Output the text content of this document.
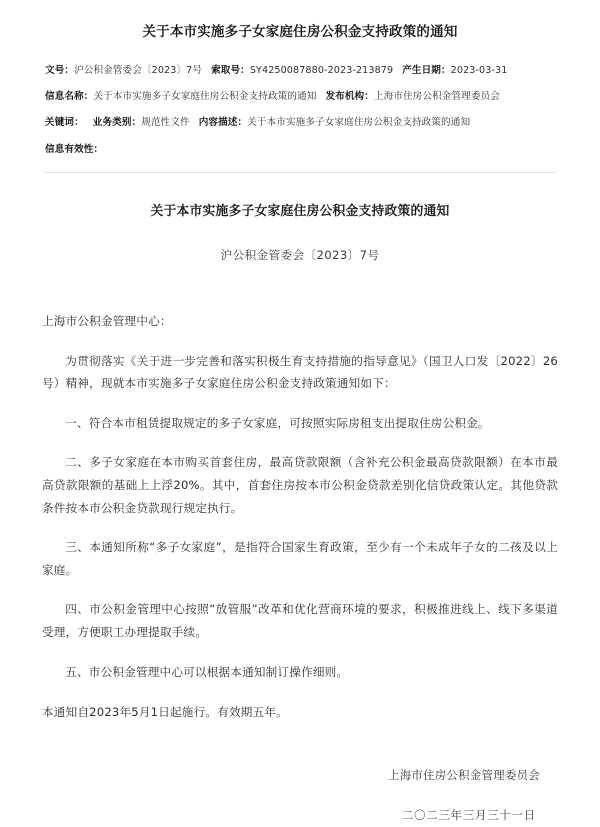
关于本市实施多子女家庭住房公积金支持政策的通知
文号：沪公积金管委会〔2023〕7号 索取号：SY4250087880-2023-213879 产生日期：2023-03-31
信息名称：关于本市实施多子女家庭住房公积金支持政策的通知 发布机构：上海市住房公积金管理委员会
关键词： 业务类别：规范性文件 内容描述：关于本市实施多子女家庭住房公积金支持政策的通知
信息有效性：
关于本市实施多子女家庭住房公积金支持政策的通知
沪公积金管委会〔2023〕7号

上海市公积金管理中心：

为贯彻落实《关于进一步完善和落实积极生育支持措施的指导意见》（国卫人口发〔2022〕26号）精神，现就本市实施多子女家庭住房公积金支持政策通知如下：

一、符合本市租赁提取规定的多子女家庭，可按照实际房租支出提取住房公积金。

二、多子女家庭在本市购买首套住房，最高贷款限额（含补充公积金最高贷款限额）在本市最高贷款限额的基础上上浮20%。其中，首套住房按本市公积金贷款差别化信贷政策认定。其他贷款条件按本市公积金贷款现行规定执行。

三、本通知所称“多子女家庭”，是指符合国家生育政策，至少有一个未成年子女的二孩及以上家庭。

四、市公积金管理中心按照“放管服”改革和优化营商环境的要求，积极推进线上、线下多渠道受理，方便职工办理提取手续。

五、市公积金管理中心可以根据本通知制订操作细则。

本通知自2023年5月1日起施行。有效期五年。

上海市住房公积金管理委员会
二〇二三年三月三十一日
